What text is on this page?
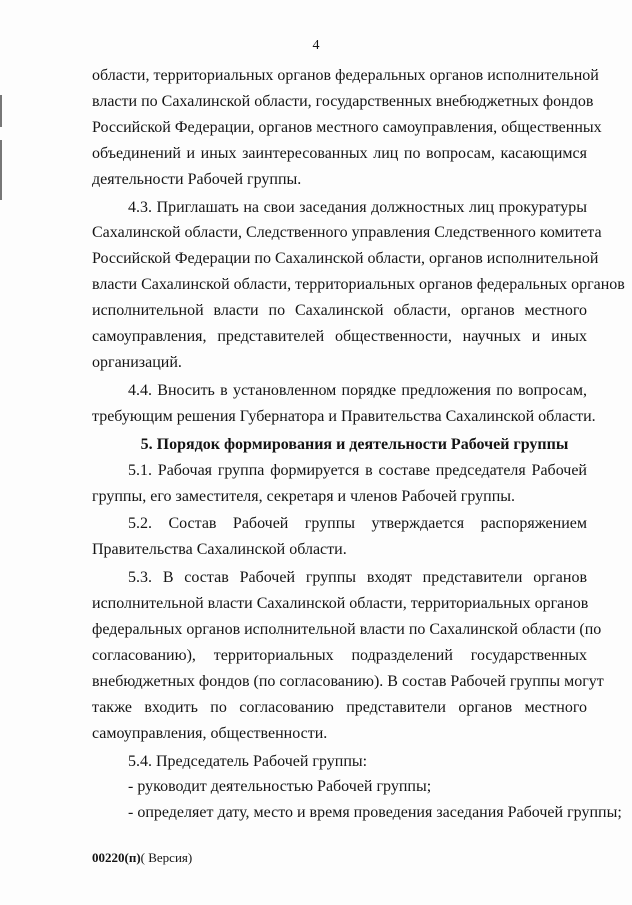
4
области, территориальных органов федеральных органов исполнительной
власти по Сахалинской области, государственных внебюджетных фондов
Российской Федерации, органов местного самоуправления, общественных
объединений и иных заинтересованных лиц по вопросам, касающимся
деятельности Рабочей группы.
4.3. Приглашать на свои заседания должностных лиц прокуратуры
Сахалинской области, Следственного управления Следственного комитета
Российской Федерации по Сахалинской области, органов исполнительной
власти Сахалинской области, территориальных органов федеральных органов
исполнительной власти по Сахалинской области, органов местного
самоуправления, представителей общественности, научных и иных
организаций.
4.4. Вносить в установленном порядке предложения по вопросам,
требующим решения Губернатора и Правительства Сахалинской области.
5. Порядок формирования и деятельности Рабочей группы
5.1. Рабочая группа формируется в составе председателя Рабочей
группы, его заместителя, секретаря и членов Рабочей группы.
5.2. Состав Рабочей группы утверждается распоряжением
Правительства Сахалинской области.
5.3. В состав Рабочей группы входят представители органов
исполнительной власти Сахалинской области, территориальных органов
федеральных органов исполнительной власти по Сахалинской области (по
согласованию), территориальных подразделений государственных
внебюджетных фондов (по согласованию). В состав Рабочей группы могут
также входить по согласованию представители органов местного
самоуправления, общественности.
5.4. Председатель Рабочей группы:
- руководит деятельностью Рабочей группы;
- определяет дату, место и время проведения заседания Рабочей группы;
00220(п)( Версия)
